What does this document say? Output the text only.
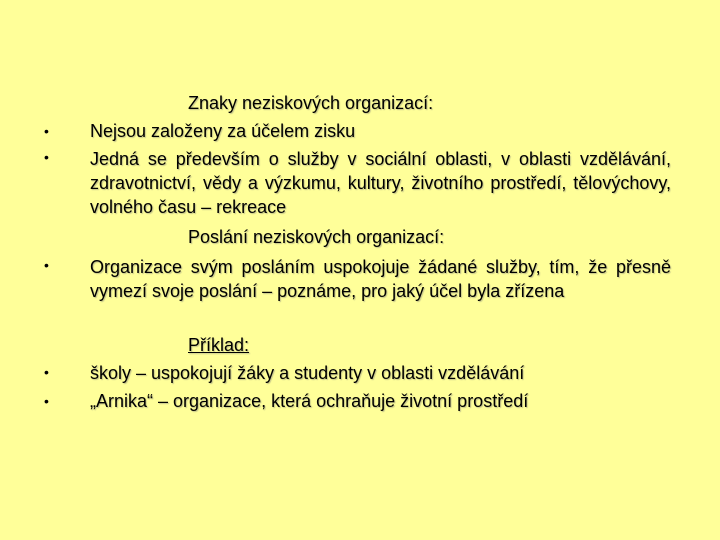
Znaky neziskových organizací:
• Nejsou založeny za účelem zisku
• Jedná se především o služby v sociální oblasti, v oblasti vzdělávání, zdravotnictví, vědy a výzkumu, kultury, životního prostředí, tělovýchovy, volného času – rekreace
Poslání neziskových organizací:
• Organizace svým posláním uspokojuje žádané služby, tím, že přesně vymezí svoje poslání – poznáme, pro jaký účel byla zřízena
Příklad:
• školy – uspokojují žáky a studenty v oblasti vzdělávání
• „Arnika“ – organizace, která ochraňuje životní prostředí
